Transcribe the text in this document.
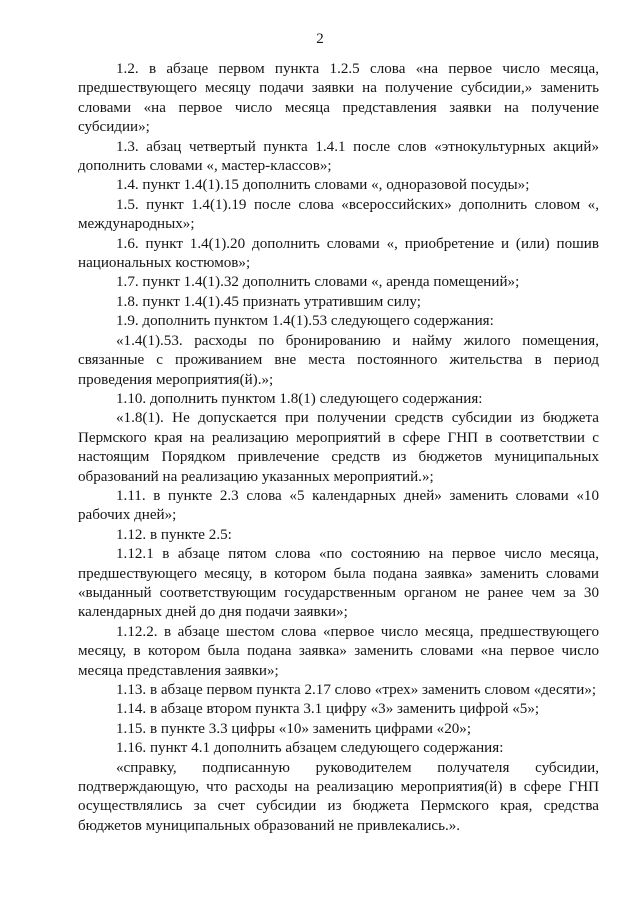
2

1.2. в абзаце первом пункта 1.2.5 слова «на первое число месяца, предшествующего месяцу подачи заявки на получение субсидии,» заменить словами «на первое число месяца представления заявки на получение субсидии»;

1.3. абзац четвертый пункта 1.4.1 после слов «этнокультурных акций» дополнить словами «, мастер-классов»;

1.4. пункт 1.4(1).15 дополнить словами «, одноразовой посуды»;

1.5. пункт 1.4(1).19 после слова «всероссийских» дополнить словом «, международных»;

1.6. пункт 1.4(1).20 дополнить словами «, приобретение и (или) пошив национальных костюмов»;

1.7. пункт 1.4(1).32 дополнить словами «, аренда помещений»;

1.8. пункт 1.4(1).45 признать утратившим силу;

1.9. дополнить пунктом 1.4(1).53 следующего содержания:

«1.4(1).53. расходы по бронированию и найму жилого помещения, связанные с проживанием вне места постоянного жительства в период проведения мероприятия(й).»;

1.10. дополнить пунктом 1.8(1) следующего содержания:

«1.8(1). Не допускается при получении средств субсидии из бюджета Пермского края на реализацию мероприятий в сфере ГНП в соответствии с настоящим Порядком привлечение средств из бюджетов муниципальных образований на реализацию указанных мероприятий.»;

1.11. в пункте 2.3 слова «5 календарных дней» заменить словами «10 рабочих дней»;

1.12. в пункте 2.5:

1.12.1 в абзаце пятом слова «по состоянию на первое число месяца, предшествующего месяцу, в котором была подана заявка» заменить словами «выданный соответствующим государственным органом не ранее чем за 30 календарных дней до дня подачи заявки»;

1.12.2. в абзаце шестом слова «первое число месяца, предшествующего месяцу, в котором была подана заявка» заменить словами «на первое число месяца представления заявки»;

1.13. в абзаце первом пункта 2.17 слово «трех» заменить словом «десяти»;

1.14. в абзаце втором пункта 3.1 цифру «3» заменить цифрой «5»;

1.15. в пункте 3.3 цифры «10» заменить цифрами «20»;

1.16. пункт 4.1 дополнить абзацем следующего содержания:

«справку, подписанную руководителем получателя субсидии, подтверждающую, что расходы на реализацию мероприятия(й) в сфере ГНП осуществлялись за счет субсидии из бюджета Пермского края, средства бюджетов муниципальных образований не привлекались.».
